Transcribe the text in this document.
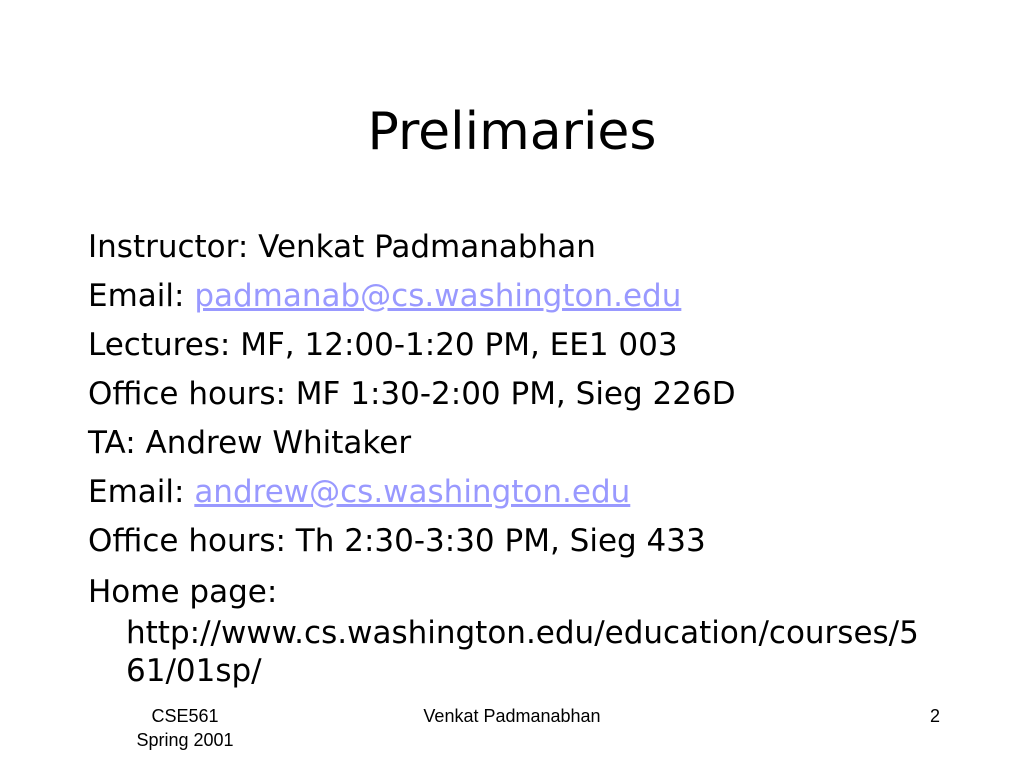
Prelimaries
Instructor: Venkat Padmanabhan
Email: padmanab@cs.washington.edu
Lectures: MF, 12:00-1:20 PM, EE1 003
Office hours: MF 1:30-2:00 PM, Sieg 226D
TA: Andrew Whitaker
Email: andrew@cs.washington.edu
Office hours: Th 2:30-3:30 PM, Sieg 433
Home page:
http://www.cs.washington.edu/education/courses/561/01sp/
CSE561
Spring 2001
Venkat Padmanabhan	2
